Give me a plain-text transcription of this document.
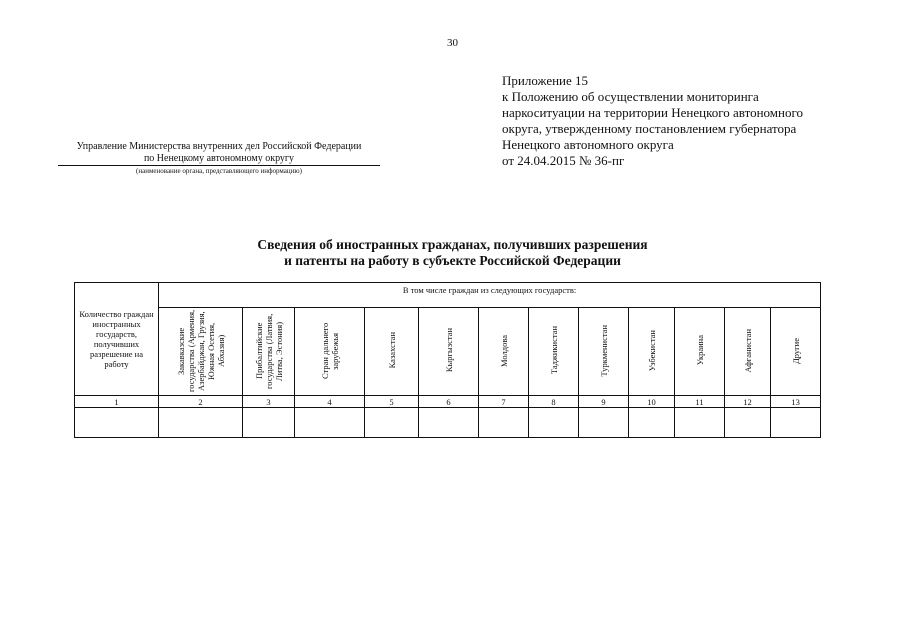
30
Приложение 15
к Положению об осуществлении мониторинга
наркоситуации на территории Ненецкого автономного
округа, утвержденному постановлением губернатора
Ненецкого автономного округа
от 24.04.2015 № 36-пг
Управление Министерства внутренних дел Российской Федерации
по Ненецкому автономному округу
(наименование органа, представляющего информацию)
Сведения об иностранных гражданах, получивших разрешения
и патенты на работу в субъекте Российской Федерации
Количество граждан иностранных государств, получивших разрешение на работу	В том числе граждан из следующих государств:											
	Закавказские государства (Армения, Азербайджан, Грузия, Южная Осетия, Абхазия)	Прибалтийские государства (Латвия, Литва, Эстония)	Стран дальнего зарубежья	Казахстан	Кыргызстан	Молдова	Таджикистан	Туркменистан	Узбекистан	Украина	Афганистан	Другие
1	2	3	4	5	6	7	8	9	10	11	12	13
